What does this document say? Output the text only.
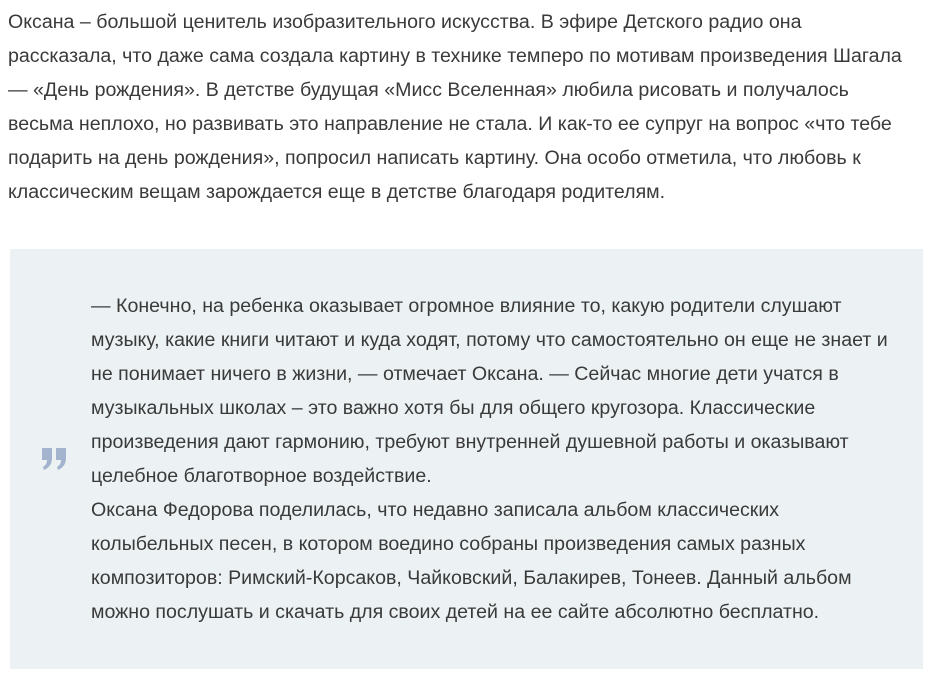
Оксана – большой ценитель изобразительного искусства. В эфире Детского радио она рассказала, что даже сама создала картину в технике темперо по мотивам произведения Шагала — «День рождения». В детстве будущая «Мисс Вселенная» любила рисовать и получалось весьма неплохо, но развивать это направление не стала. И как-то ее супруг на вопрос «что тебе подарить на день рождения», попросил написать картину. Она особо отметила, что любовь к классическим вещам зарождается еще в детстве благодаря родителям.

— Конечно, на ребенка оказывает огромное влияние то, какую родители слушают музыку, какие книги читают и куда ходят, потому что самостоятельно он еще не знает и не понимает ничего в жизни, — отмечает Оксана. — Сейчас многие дети учатся в музыкальных школах – это важно хотя бы для общего кругозора. Классические произведения дают гармонию, требуют внутренней душевной работы и оказывают целебное благотворное воздействие.

Оксана Федорова поделилась, что недавно записала альбом классических колыбельных песен, в котором воедино собраны произведения самых разных композиторов: Римский-Корсаков, Чайковский, Балакирев, Тонеев. Данный альбом можно послушать и скачать для своих детей на ее сайте абсолютно бесплатно.
